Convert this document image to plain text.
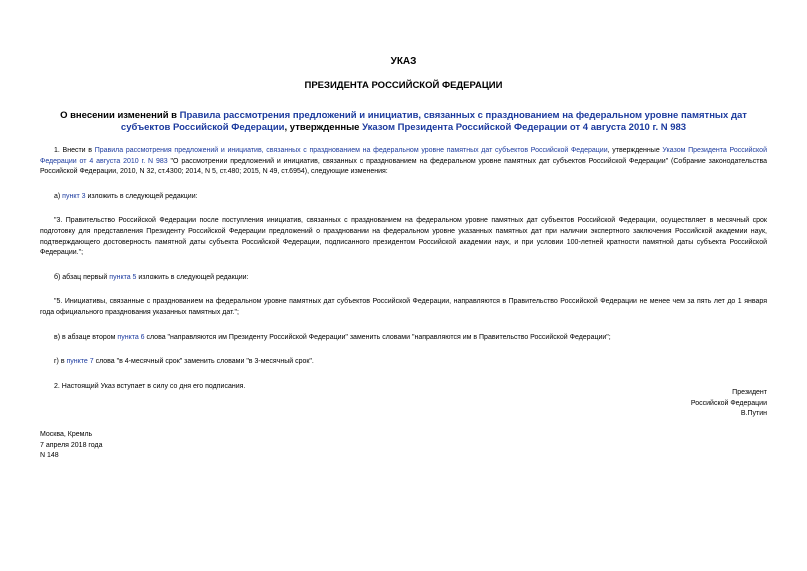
УКАЗ
ПРЕЗИДЕНТА РОССИЙСКОЙ ФЕДЕРАЦИИ
О внесении изменений в Правила рассмотрения предложений и инициатив, связанных с празднованием на федеральном уровне памятных дат субъектов Российской Федерации, утвержденные Указом Президента Российской Федерации от 4 августа 2010 г. N 983

1. Внести в Правила рассмотрения предложений и инициатив, связанных с празднованием на федеральном уровне памятных дат субъектов Российской Федерации, утвержденные Указом Президента Российской Федерации от 4 августа 2010 г. N 983 "О рассмотрении предложений и инициатив, связанных с празднованием на федеральном уровне памятных дат субъектов Российской Федерации" (Собрание законодательства Российской Федерации, 2010, N 32, ст.4300; 2014, N 5, ст.480; 2015, N 49, ст.6954), следующие изменения:

а) пункт 3 изложить в следующей редакции:

"3. Правительство Российской Федерации после поступления инициатив, связанных с празднованием на федеральном уровне памятных дат субъектов Российской Федерации, осуществляет в месячный срок подготовку для представления Президенту Российской Федерации предложений о праздновании на федеральном уровне указанных памятных дат при наличии экспертного заключения Российской академии наук, подтверждающего достоверность памятной даты субъекта Российской Федерации, подписанного президентом Российской академии наук, и при условии 100-летней кратности памятной даты субъекта Российской Федерации.";

б) абзац первый пункта 5 изложить в следующей редакции:

"5. Инициативы, связанные с празднованием на федеральном уровне памятных дат субъектов Российской Федерации, направляются в Правительство Российской Федерации не менее чем за пять лет до 1 января года официального празднования указанных памятных дат.";

в) в абзаце втором пункта 6 слова "направляются им Президенту Российской Федерации" заменить словами "направляются им в Правительство Российской Федерации";

г) в пункте 7 слова "в 4-месячный срок" заменить словами "в 3-месячный срок".

2. Настоящий Указ вступает в силу со дня его подписания.

Президент
Российской Федерации
В.Путин
Москва, Кремль
7 апреля 2018 года
N 148
